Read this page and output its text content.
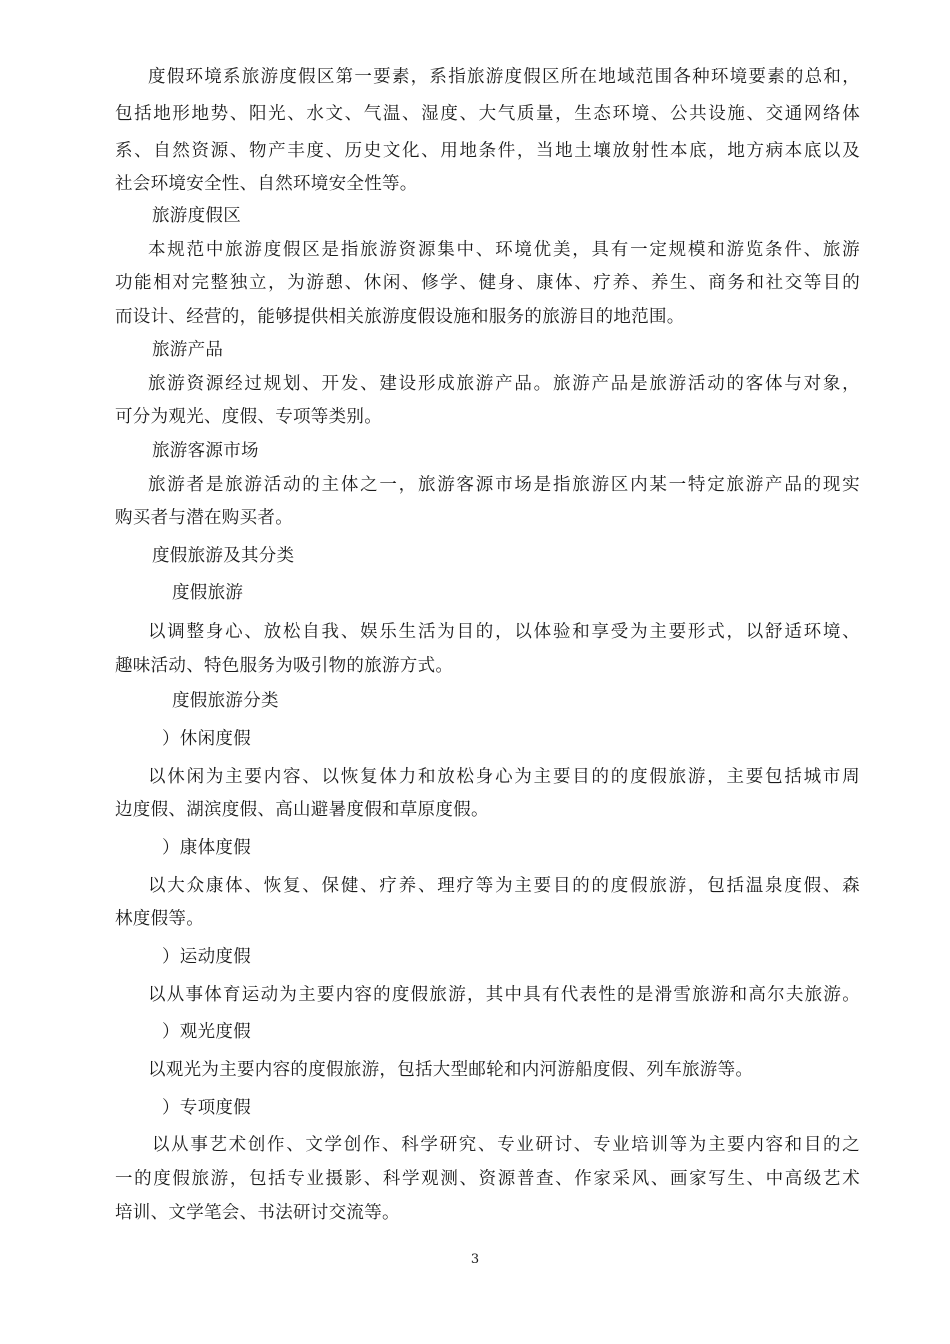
度假环境系旅游度假区第一要素，系指旅游度假区所在地域范围各种环境要素的总和，
包括地形地势、阳光、水文、气温、湿度、大气质量，生态环境、公共设施、交通网络体
系、自然资源、物产丰度、历史文化、用地条件，当地土壤放射性本底，地方病本底以及
社会环境安全性、自然环境安全性等。
旅游度假区
本规范中旅游度假区是指旅游资源集中、环境优美，具有一定规模和游览条件、旅游
功能相对完整独立，为游憩、休闲、修学、健身、康体、疗养、养生、商务和社交等目的
而设计、经营的，能够提供相关旅游度假设施和服务的旅游目的地范围。
旅游产品
旅游资源经过规划、开发、建设形成旅游产品。旅游产品是旅游活动的客体与对象，
可分为观光、度假、专项等类别。
旅游客源市场
旅游者是旅游活动的主体之一，旅游客源市场是指旅游区内某一特定旅游产品的现实
购买者与潜在购买者。
度假旅游及其分类
度假旅游
以调整身心、放松自我、娱乐生活为目的，以体验和享受为主要形式，以舒适环境、
趣味活动、特色服务为吸引物的旅游方式。
度假旅游分类
）休闲度假
以休闲为主要内容、以恢复体力和放松身心为主要目的的度假旅游，主要包括城市周
边度假、湖滨度假、高山避暑度假和草原度假。
）康体度假
以大众康体、恢复、保健、疗养、理疗等为主要目的的度假旅游，包括温泉度假、森
林度假等。
）运动度假
以从事体育运动为主要内容的度假旅游，其中具有代表性的是滑雪旅游和高尔夫旅游。
）观光度假
以观光为主要内容的度假旅游，包括大型邮轮和内河游船度假、列车旅游等。
）专项度假
以从事艺术创作、文学创作、科学研究、专业研讨、专业培训等为主要内容和目的之
一的度假旅游，包括专业摄影、科学观测、资源普查、作家采风、画家写生、中高级艺术
培训、文学笔会、书法研讨交流等。
3
